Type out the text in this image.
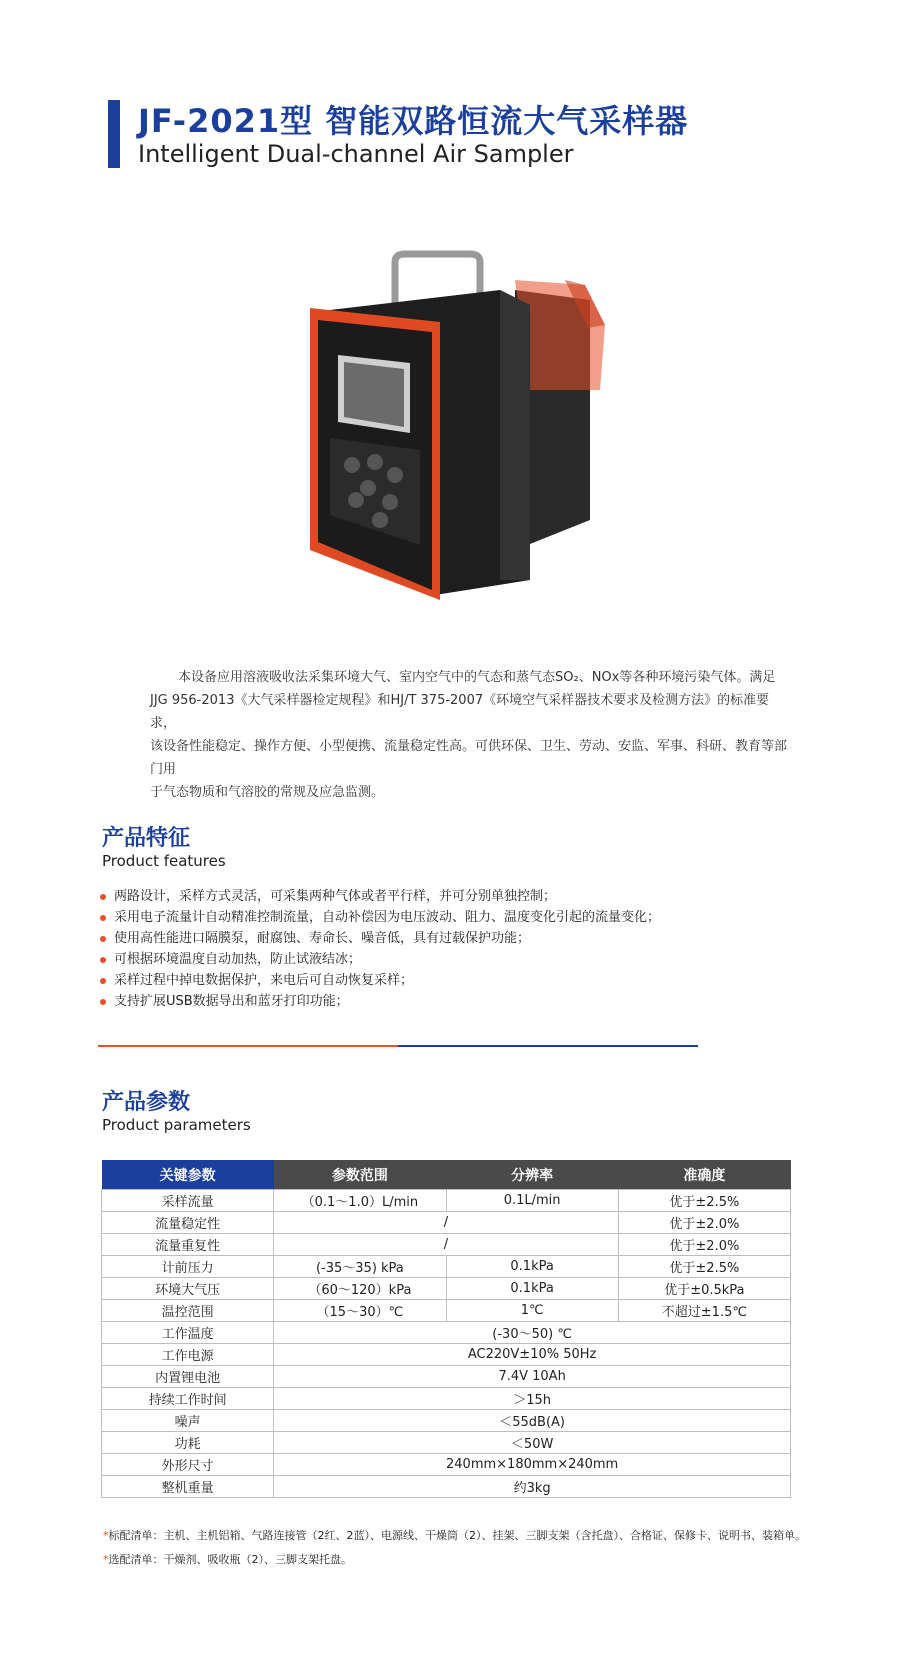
JF-2021型 智能双路恒流大气采样器
Intelligent Dual-channel Air Sampler

本设备应用溶液吸收法采集环境大气、室内空气中的气态和蒸气态SO₂、NOx等各种环境污染气体。满足

JJG 956-2013《大气采样器检定规程》和HJ/T 375-2007《环境空气采样器技术要求及检测方法》的标准要求，
该设备性能稳定、操作方便、小型便携、流量稳定性高。可供环保、卫生、劳动、安监、军事、科研、教育等部门用
于气态物质和气溶胶的常规及应急监测。
产品特征
Product features
两路设计，采样方式灵活，可采集两种气体或者平行样，并可分别单独控制；
采用电子流量计自动精准控制流量，自动补偿因为电压波动、阻力、温度变化引起的流量变化；
使用高性能进口隔膜泵，耐腐蚀、寿命长、噪音低，具有过载保护功能；
可根据环境温度自动加热，防止试液结冰；
采样过程中掉电数据保护，来电后可自动恢复采样；
支持扩展USB数据导出和蓝牙打印功能；
产品参数
Product parameters
关键参数	参数范围	分辨率	准确度
采样流量	（0.1～1.0）L/min	0.1L/min	优于±2.5%
流量稳定性	/		优于±2.0%
流量重复性	/		优于±2.0%
计前压力	(-35～35) kPa	0.1kPa	优于±2.5%
环境大气压	（60～120）kPa	0.1kPa	优于±0.5kPa
温控范围	（15～30）℃	1℃	不超过±1.5℃
工作温度	(-30～50) ℃		
工作电源	AC220V±10% 50Hz		
内置锂电池	7.4V 10Ah		
持续工作时间	＞15h		
噪声	＜55dB(A)		
功耗	＜50W		
外形尺寸	240mm×180mm×240mm		
整机重量	约3kg		
*标配清单：主机、主机铝箱、气路连接管（2红、2蓝）、电源线、干燥筒（2）、挂架、三脚支架（含托盘）、合格证、保修卡、说明书、装箱单。
*选配清单：干燥剂、吸收瓶（2）、三脚支架托盘。
